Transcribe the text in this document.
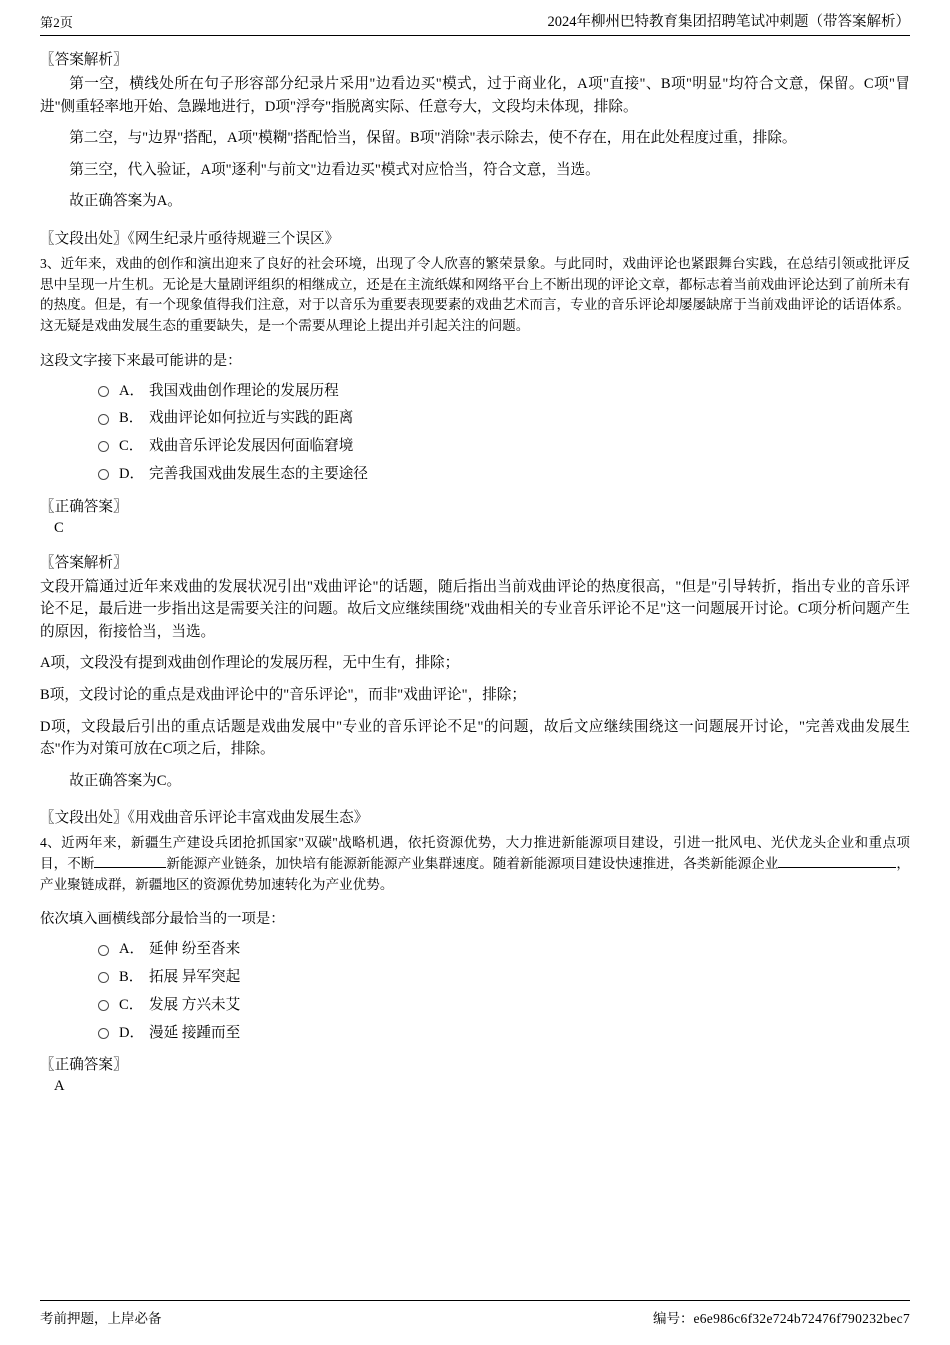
第2页	2024年柳州巴特教育集团招聘笔试冲刺题（带答案解析）
〖答案解析〗
第一空，横线处所在句子形容部分纪录片采用"边看边买"模式，过于商业化，A项"直接"、B项"明显"均符合文意，保留。C项"冒进"侧重轻率地开始、急躁地进行，D项"浮夸"指脱离实际、任意夸大，文段均未体现，排除。
第二空，与"边界"搭配，A项"模糊"搭配恰当，保留。B项"消除"表示除去，使不存在，用在此处程度过重，排除。
第三空，代入验证，A项"逐利"与前文"边看边买"模式对应恰当，符合文意，当选。
故正确答案为A。
〖文段出处〗《网生纪录片亟待规避三个误区》
3、近年来，戏曲的创作和演出迎来了良好的社会环境，出现了令人欣喜的繁荣景象。与此同时，戏曲评论也紧跟舞台实践，在总结引领或批评反思中呈现一片生机。无论是大量剧评组织的相继成立，还是在主流纸媒和网络平台上不断出现的评论文章，都标志着当前戏曲评论达到了前所未有的热度。但是，有一个现象值得我们注意，对于以音乐为重要表现要素的戏曲艺术而言，专业的音乐评论却屡屡缺席于当前戏曲评论的话语体系。这无疑是戏曲发展生态的重要缺失，是一个需要从理论上提出并引起关注的问题。
这段文字接下来最可能讲的是：
A． 我国戏曲创作理论的发展历程
B． 戏曲评论如何拉近与实践的距离
C． 戏曲音乐评论发展因何面临窘境
D． 完善我国戏曲发展生态的主要途径
〖正确答案〗
C
〖答案解析〗
文段开篇通过近年来戏曲的发展状况引出"戏曲评论"的话题，随后指出当前戏曲评论的热度很高，"但是"引导转折，指出专业的音乐评论不足，最后进一步指出这是需要关注的问题。故后文应继续围绕"戏曲相关的专业音乐评论不足"这一问题展开讨论。C项分析问题产生的原因，衔接恰当，当选。
A项，文段没有提到戏曲创作理论的发展历程，无中生有，排除；
B项，文段讨论的重点是戏曲评论中的"音乐评论"，而非"戏曲评论"，排除；
D项，文段最后引出的重点话题是戏曲发展中"专业的音乐评论不足"的问题，故后文应继续围绕这一问题展开讨论，"完善戏曲发展生态"作为对策可放在C项之后，排除。
故正确答案为C。
〖文段出处〗《用戏曲音乐评论丰富戏曲发展生态》
4、近两年来，新疆生产建设兵团抢抓国家"双碳"战略机遇，依托资源优势，大力推进新能源项目建设，引进一批风电、光伏龙头企业和重点项目，不断	新能源产业链条，加快培有能源新能源产业集群速度。随着新能源项目建设快速推进，各类新能源企业	，产业聚链成群，新疆地区的资源优势加速转化为产业优势。
依次填入画横线部分最恰当的一项是：
A． 延伸 纷至沓来
B． 拓展 异军突起
C． 发展 方兴未艾
D． 漫延 接踵而至
〖正确答案〗
A
考前押题，上岸必备	编号：e6e986c6f32e724b72476f790232bec7
